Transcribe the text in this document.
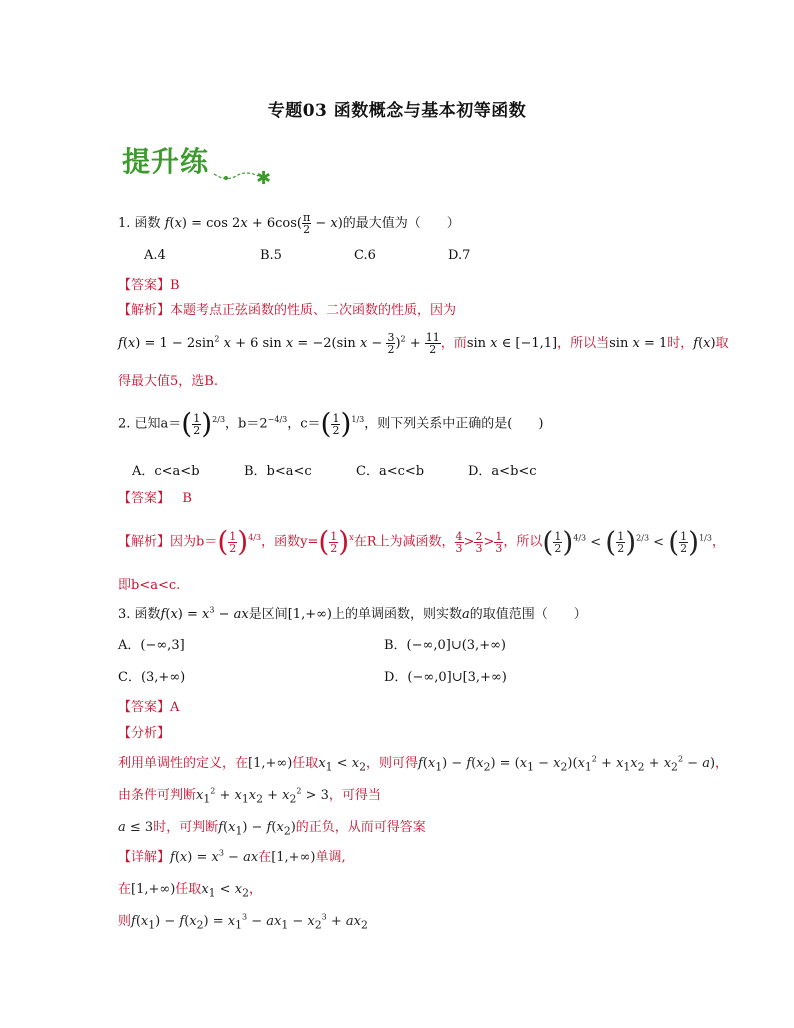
专题03 函数概念与基本初等函数
提升练
✱
1. 函数 $f(x) = \cos 2x + 6\cos( \frac{\pi}{2} - x)$的最大值为（　　）
A.4	B.5	C.6	D.7
【答案】B
【解析】本题考点正弦函数的性质、二次函数的性质，因为
$f(x) = 1 - 2\sin^2$ x + 6 sin x = −2(sin $x - \frac{3}{2} )^2 + \frac{11}{2}$ ，而sin x ∈ [−1,1]，所以当sin x = 1时，f(x)取
得最大值5，选B.
2. 已知$a=( \frac{1}{2} )^{2/3}$，$b=2^{-4/3}$，$c=( \frac{1}{2} )^{1/3}$，则下列关系中正确的是(　　)
A．c<a<b	B．b<a<c	C．a<c<b	D．a<b<c
【答案】 B
【解析】因为$b=( \frac{1}{2} )^{4/3}$，函数$y=( \frac{1}{2} )^x$在R上为减函数， $\frac{4}{3} > \frac{2}{3} > \frac{1}{3}$ ，所以( $\frac{1}{2} )^{4/3}$ < ( $\frac{1}{2} )^{2/3}$ < ( $\frac{1}{2} )^{1/3}$，
即b<a<c.
3. 函数$f(x) = x^3$ − ax是区间[1,+∞)上的单调函数，则实数a的取值范围（　　）
A．(−∞,3]	B．(−∞,0]∪(3,+∞)
C．(3,+∞)	D．(−∞,0]∪[3,+∞)
【答案】A
【分析】
利用单调性的定义，在[1,+∞)任取$x_1 < x_2$，则可得$f(x_1) - f(x_2) = (x_1 - x_2)(x_1^2 + x_1x_2 + x_2^2 - a)$，
由条件可判断$x_1^2 + x_1x_2 + x_2^2 > 3$，可得当
a ≤ 3时，可判断$f(x_1) - f(x_2)$的正负，从而可得答案
【详解】$f(x) = x^3$ − ax在[1,+∞)单调,
在[1,+∞)任取$x_1 < x_2$，
则$f(x_1) - f(x_2) = x_1^3 - ax_1 - x_2^3 + ax_2$
